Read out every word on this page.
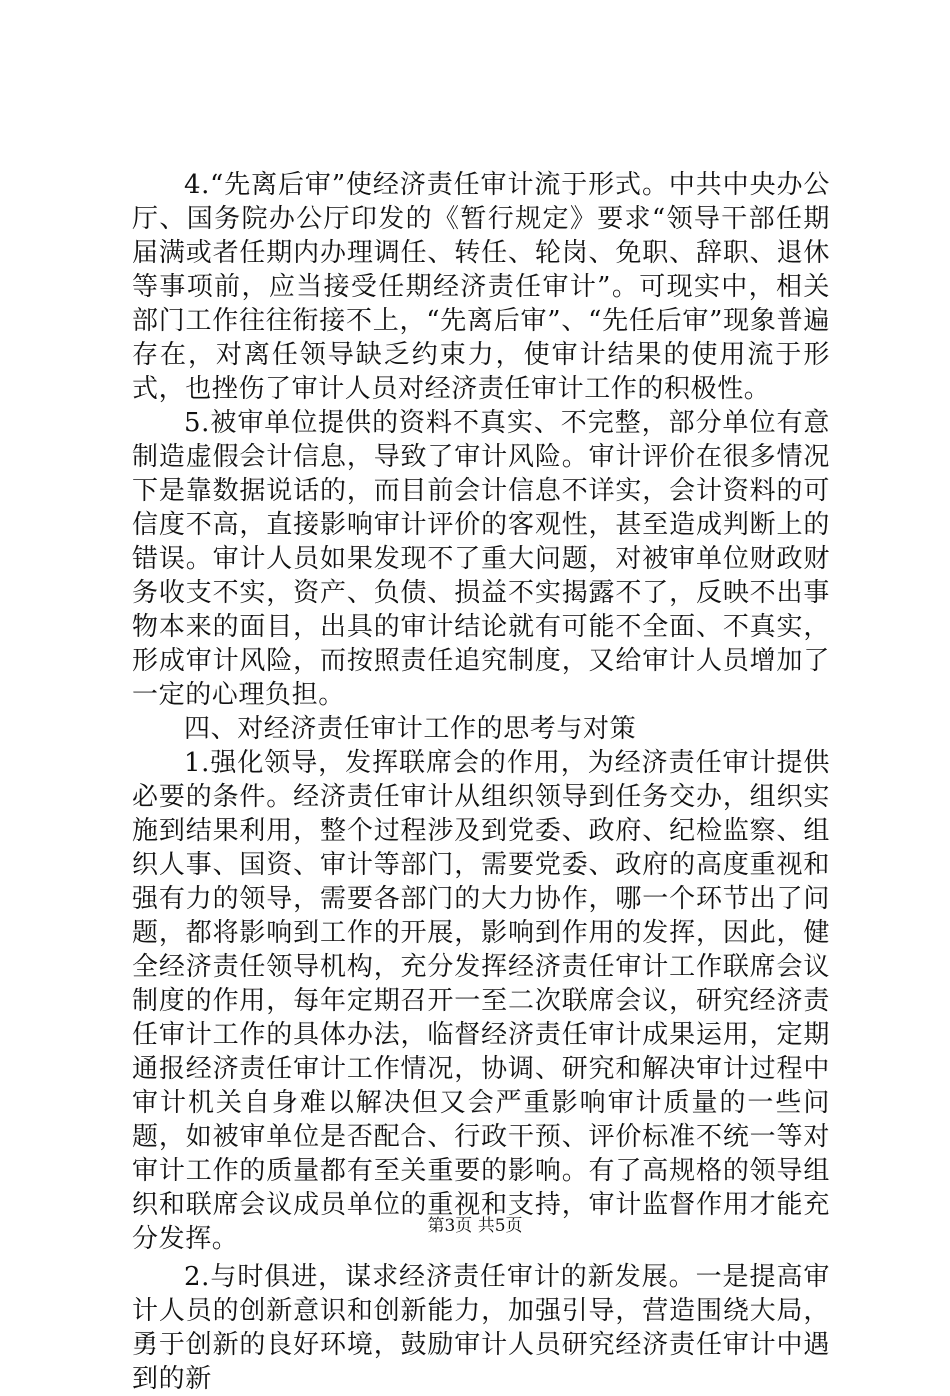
4.“先离后审”使经济责任审计流于形式。中共中央办公厅、国务院办公厅印发的《暂行规定》要求“领导干部任期届满或者任期内办理调任、转任、轮岗、免职、辞职、退休等事项前，应当接受任期经济责任审计”。可现实中，相关部门工作往往衔接不上，“先离后审”、“先任后审”现象普遍存在，对离任领导缺乏约束力，使审计结果的使用流于形式，也挫伤了审计人员对经济责任审计工作的积极性。

5.被审单位提供的资料不真实、不完整，部分单位有意制造虚假会计信息，导致了审计风险。审计评价在很多情况下是靠数据说话的，而目前会计信息不详实，会计资料的可信度不高，直接影响审计评价的客观性，甚至造成判断上的错误。审计人员如果发现不了重大问题，对被审单位财政财务收支不实，资产、负债、损益不实揭露不了，反映不出事物本来的面目，出具的审计结论就有可能不全面、不真实，形成审计风险，而按照责任追究制度，又给审计人员增加了一定的心理负担。

四、对经济责任审计工作的思考与对策

1.强化领导，发挥联席会的作用，为经济责任审计提供必要的条件。经济责任审计从组织领导到任务交办，组织实施到结果利用，整个过程涉及到党委、政府、纪检监察、组织人事、国资、审计等部门，需要党委、政府的高度重视和强有力的领导，需要各部门的大力协作，哪一个环节出了问题，都将影响到工作的开展，影响到作用的发挥，因此，健全经济责任领导机构，充分发挥经济责任审计工作联席会议制度的作用，每年定期召开一至二次联席会议，研究经济责任审计工作的具体办法，临督经济责任审计成果运用，定期通报经济责任审计工作情况，协调、研究和解决审计过程中审计机关自身难以解决但又会严重影响审计质量的一些问题，如被审单位是否配合、行政干预、评价标准不统一等对审计工作的质量都有至关重要的影响。有了高规格的领导组织和联席会议成员单位的重视和支持，审计监督作用才能充分发挥。

2.与时俱进，谋求经济责任审计的新发展。一是提高审计人员的创新意识和创新能力，加强引导，营造围绕大局，勇于创新的良好环境，鼓励审计人员研究经济责任审计中遇到的新

第3页 共5页
